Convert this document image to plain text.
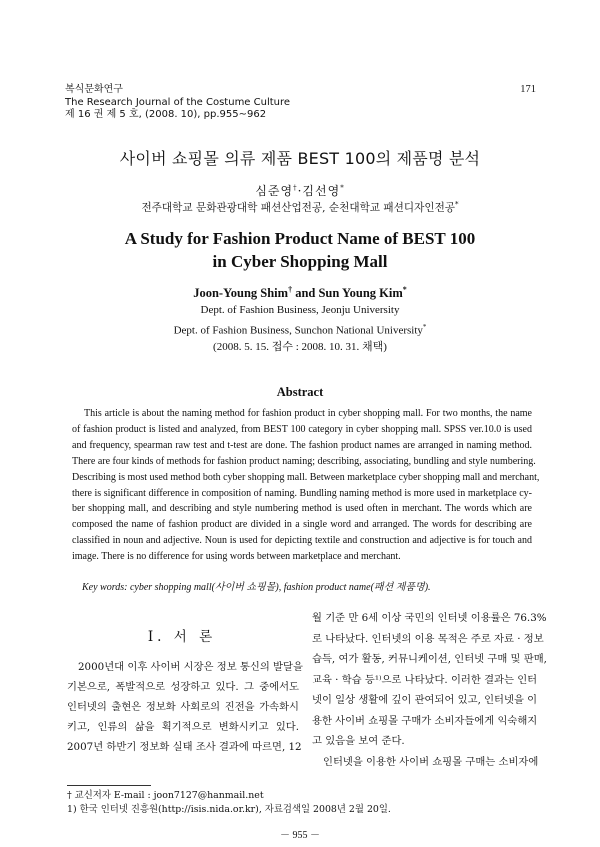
복식문화연구
The Research Journal of the Costume Culture
제 16 권 제 5 호, (2008. 10), pp.955∼962
171
사이버 쇼핑몰 의류 제품 BEST 100의 제품명 분석
심준영†·김선영*
전주대학교 문화관광대학 패션산업전공, 순천대학교 패션디자인전공*
A Study for Fashion Product Name of BEST 100
in Cyber Shopping Mall
Joon-Young Shim† and Sun Young Kim*
Dept. of Fashion Business, Jeonju University
Dept. of Fashion Business, Sunchon National University*
(2008. 5. 15. 접수 : 2008. 10. 31. 채택)
Abstract
This article is about the naming method for fashion product in cyber shopping mall. For two months, the name
of fashion product is listed and analyzed, from BEST 100 category in cyber shopping mall. SPSS ver.10.0 is used
and frequency, spearman raw test and t-test are done. The fashion product names are arranged in naming method.
There are four kinds of methods for fashion product naming; describing, associating, bundling and style numbering.
Describing is most used method both cyber shopping mall. Between marketplace cyber shopping mall and merchant,
there is significant difference in composition of naming. Bundling naming method is more used in marketplace cy-
ber shopping mall, and describing and style numbering method is used often in merchant. The words which are
composed the name of fashion product are divided in a single word and arranged. The words for describing are
classified in noun and adjective. Noun is used for depicting textile and construction and adjective is for touch and
image. There is no difference for using words between marketplace and merchant.
Key words: cyber shopping mall(사이버 쇼핑몰), fashion product name(패션 제품명).
Ⅰ. 서 론
2000년대 이후 사이버 시장은 정보 통신의 발달을
기본으로, 폭발적으로 성장하고 있다. 그 중에서도
인터넷의 출현은 정보화 사회로의 진전을 가속화시
키고, 인류의 삶을 획기적으로 변화시키고 있다.
2007년 하반기 정보화 실태 조사 결과에 따르면, 12
월 기준 만 6세 이상 국민의 인터넷 이용률은 76.3%
로 나타났다. 인터넷의 이용 목적은 주로 자료 · 정보
습득, 여가 활동, 커뮤니케이션, 인터넷 구매 및 판매,
교육 · 학습 등¹⁾으로 나타났다. 이러한 결과는 인터
넷이 일상 생활에 깊이 관여되어 있고, 인터넷을 이
용한 사이버 쇼핑몰 구매가 소비자들에게 익숙해지
고 있음을 보여 준다.
인터넷을 이용한 사이버 쇼핑몰 구매는 소비자에
† 교신저자 E-mail : joon7127@hanmail.net
1) 한국 인터넷 진흥원(http://isis.nida.or.kr), 자료검색일 2008년 2월 20일.
－ 955 －
